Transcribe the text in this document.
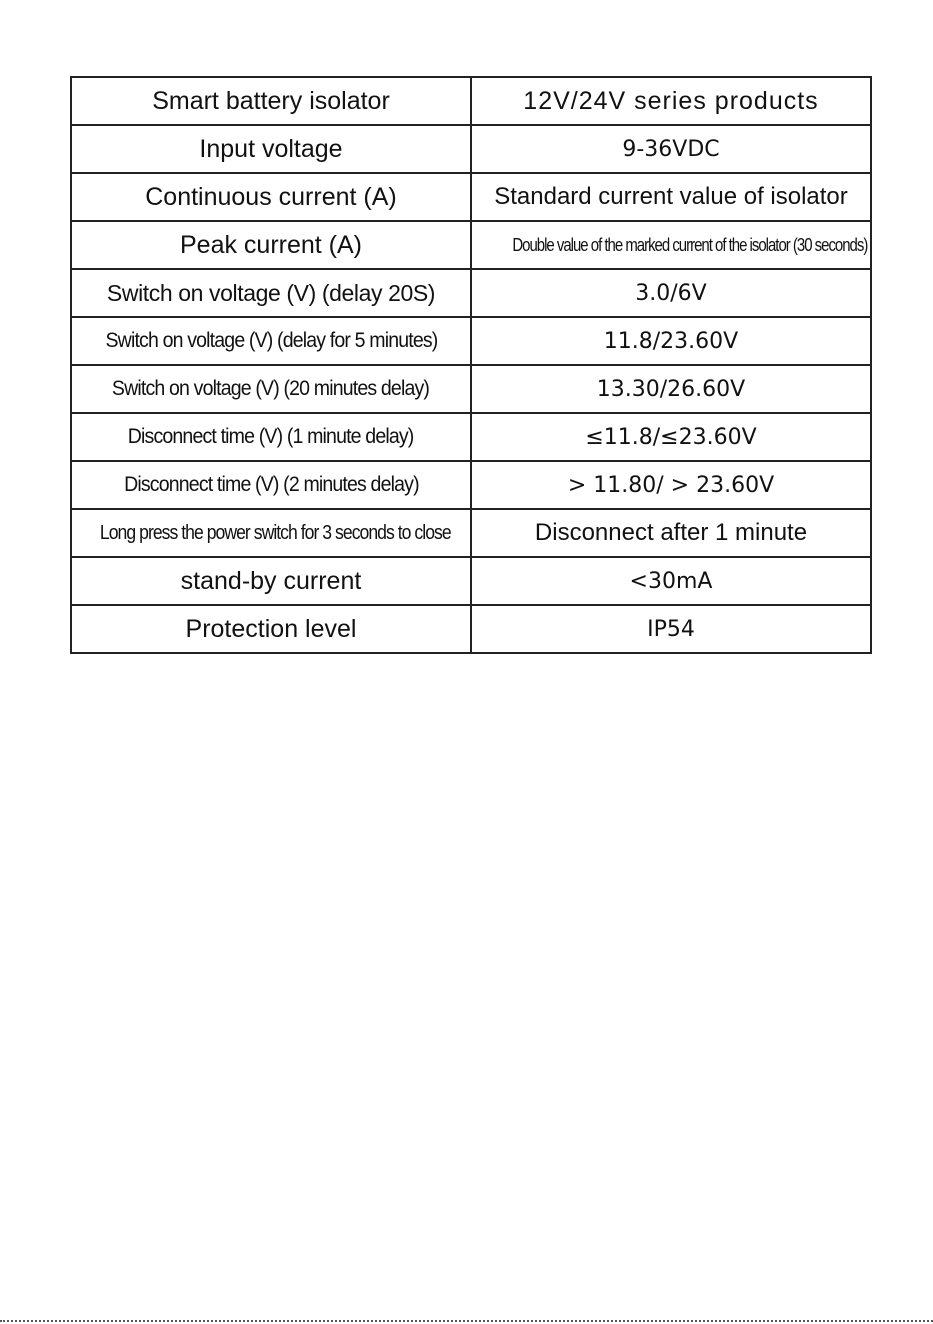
Smart battery isolator	12V/24V series products
Input voltage	9-36VDC
Continuous current (A)	Standard current value of isolator
Peak current (A)	Double value of the marked current of the isolator (30 seconds)
Switch on voltage (V) (delay 20S)	3.0/6V
Switch on voltage (V) (delay for 5 minutes)	11.8/23.60V
Switch on voltage (V) (20 minutes delay)	13.30/26.60V
Disconnect time (V) (1 minute delay)	≤11.8/≤23.60V
Disconnect time (V) (2 minutes delay)	> 11.80/ > 23.60V
Long press the power switch for 3 seconds to close	Disconnect after 1 minute
stand-by current	<30mA
Protection level	IP54
